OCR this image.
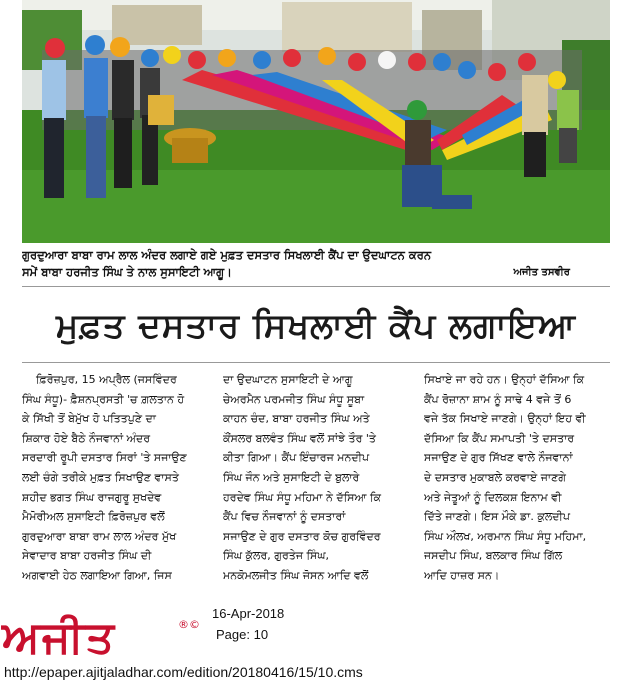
ਗੁਰਦੁਆਰਾ ਬਾਬਾ ਰਾਮ ਲਾਲ ਅੰਦਰ ਲਗਾਏ ਗਏ ਮੁਫ਼ਤ ਦਸਤਾਰ ਸਿਖਲਾਈ ਕੈਂਪ ਦਾ ਉਦਘਾਟਨ ਕਰਨ
ਸਮੇਂ ਬਾਬਾ ਹਰਜੀਤ ਸਿੰਘ ਤੇ ਨਾਲ ਸੁਸਾਇਟੀ ਆਗੂ।	ਅਜੀਤ ਤਸਵੀਰ
ਮੁਫ਼ਤ ਦਸਤਾਰ ਸਿਖਲਾਈ ਕੈਂਪ ਲਗਾਇਆ
ਫ਼ਿਰੋਜ਼ਪੁਰ, 15 ਅਪ੍ਰੈਲ (ਜਸਵਿੰਦਰ
ਸਿੰਘ ਸੰਧੂ)- ਫ਼ੈਸ਼ਨਪ੍ਰਸਤੀ 'ਚ ਗ਼ਲਤਾਨ ਹੋ
ਕੇ ਸਿੱਖੀ ਤੋਂ ਬੇਮੁੱਖ ਹੋ ਪਤਿਤਪੁਣੇ ਦਾ
ਸ਼ਿਕਾਰ ਹੋਏ ਬੈਠੇ ਨੌਜਵਾਨਾਂ ਅੰਦਰ
ਸਰਦਾਰੀ ਰੂਪੀ ਦਸਤਾਰ ਸਿਰਾਂ 'ਤੇ ਸਜਾਉਣ
ਲਈ ਚੰਗੇ ਤਰੀਕੇ ਮੁਫ਼ਤ ਸਿਖਾਉਣ ਵਾਸਤੇ
ਸ਼ਹੀਦ ਭਗਤ ਸਿੰਘ ਰਾਜਗੁਰੂ ਸੁਖਦੇਵ
ਮੈਮੋਰੀਅਲ ਸੁਸਾਇਟੀ ਫ਼ਿਰੋਜ਼ਪੁਰ ਵਲੋਂ
ਗੁਰਦੁਆਰਾ ਬਾਬਾ ਰਾਮ ਲਾਲ ਅੰਦਰ ਮੁੱਖ
ਸੇਵਾਦਾਰ ਬਾਬਾ ਹਰਜੀਤ ਸਿੰਘ ਦੀ
ਅਗਵਾਈ ਹੇਠ ਲਗਾਇਆ ਗਿਆ, ਜਿਸ
ਦਾ ਉਦਘਾਟਨ ਸੁਸਾਇਟੀ ਦੇ ਆਗੂ
ਚੇਅਰਮੈਨ ਪਰਮਜੀਤ ਸਿੰਘ ਸੰਧੂ ਸੂਬਾ
ਕਾਹਨ ਚੰਦ, ਬਾਬਾ ਹਰਜੀਤ ਸਿੰਘ ਅਤੇ
ਕੌਂਸਲਰ ਬਲਵੰਤ ਸਿੰਘ ਵਲੋਂ ਸਾਂਝੇ ਤੌਰ 'ਤੇ
ਕੀਤਾ ਗਿਆ। ਕੈਂਪ ਇੰਚਾਰਜ ਮਨਦੀਪ
ਸਿੰਘ ਜੌਨ ਅਤੇ ਸੁਸਾਇਟੀ ਦੇ ਬੁਲਾਰੇ
ਹਰਦੇਵ ਸਿੰਘ ਸੰਧੂ ਮਹਿਮਾ ਨੇ ਦੱਸਿਆ ਕਿ
ਕੈਂਪ ਵਿਚ ਨੌਜਵਾਨਾਂ ਨੂੰ ਦਸਤਾਰਾਂ
ਸਜਾਉਣ ਦੇ ਗੁਰ ਦਸਤਾਰ ਕੋਚ ਗੁਰਵਿੰਦਰ
ਸਿੰਘ ਕੁੱਲਰ, ਗੁਰਤੇਜ ਸਿੰਘ,
ਮਨਕੋਮਲਜੀਤ ਸਿੰਘ ਜੋਸਨ ਆਦਿ ਵਲੋਂ
ਸਿਖਾਏ ਜਾ ਰਹੇ ਹਨ। ਉਨ੍ਹਾਂ ਦੱਸਿਆ ਕਿ
ਕੈਂਪ ਰੋਜ਼ਾਨਾ ਸ਼ਾਮ ਨੂੰ ਸਾਢੇ 4 ਵਜੇ ਤੋਂ 6
ਵਜੇ ਤੱਕ ਸਿਖਾਏ ਜਾਣਗੇ। ਉਨ੍ਹਾਂ ਇਹ ਵੀ
ਦੱਸਿਆ ਕਿ ਕੈਂਪ ਸਮਾਪਤੀ 'ਤੇ ਦਸਤਾਰ
ਸਜਾਉਣ ਦੇ ਗੁਰ ਸਿੱਖਣ ਵਾਲੇ ਨੌਜਵਾਨਾਂ
ਦੇ ਦਸਤਾਰ ਮੁਕਾਬਲੇ ਕਰਵਾਏ ਜਾਣਗੇ
ਅਤੇ ਜੇਤੂਆਂ ਨੂੰ ਦਿਲਕਸ਼ ਇਨਾਮ ਵੀ
ਦਿੱਤੇ ਜਾਣਗੇ। ਇਸ ਮੌਕੇ ਡਾ. ਕੁਲਦੀਪ
ਸਿੰਘ ਔਲਖ, ਅਰਮਾਨ ਸਿੰਘ ਸੰਧੂ ਮਹਿਮਾ,
ਜਸਦੀਪ ਸਿੰਘ, ਬਲਕਾਰ ਸਿੰਘ ਗਿੱਲ
ਆਦਿ ਹਾਜ਼ਰ ਸਨ।
ਅਜੀਤ	®©
16-Apr-2018
Page: 10
http://epaper.ajitjaladhar.com/edition/20180416/15/10.cms
